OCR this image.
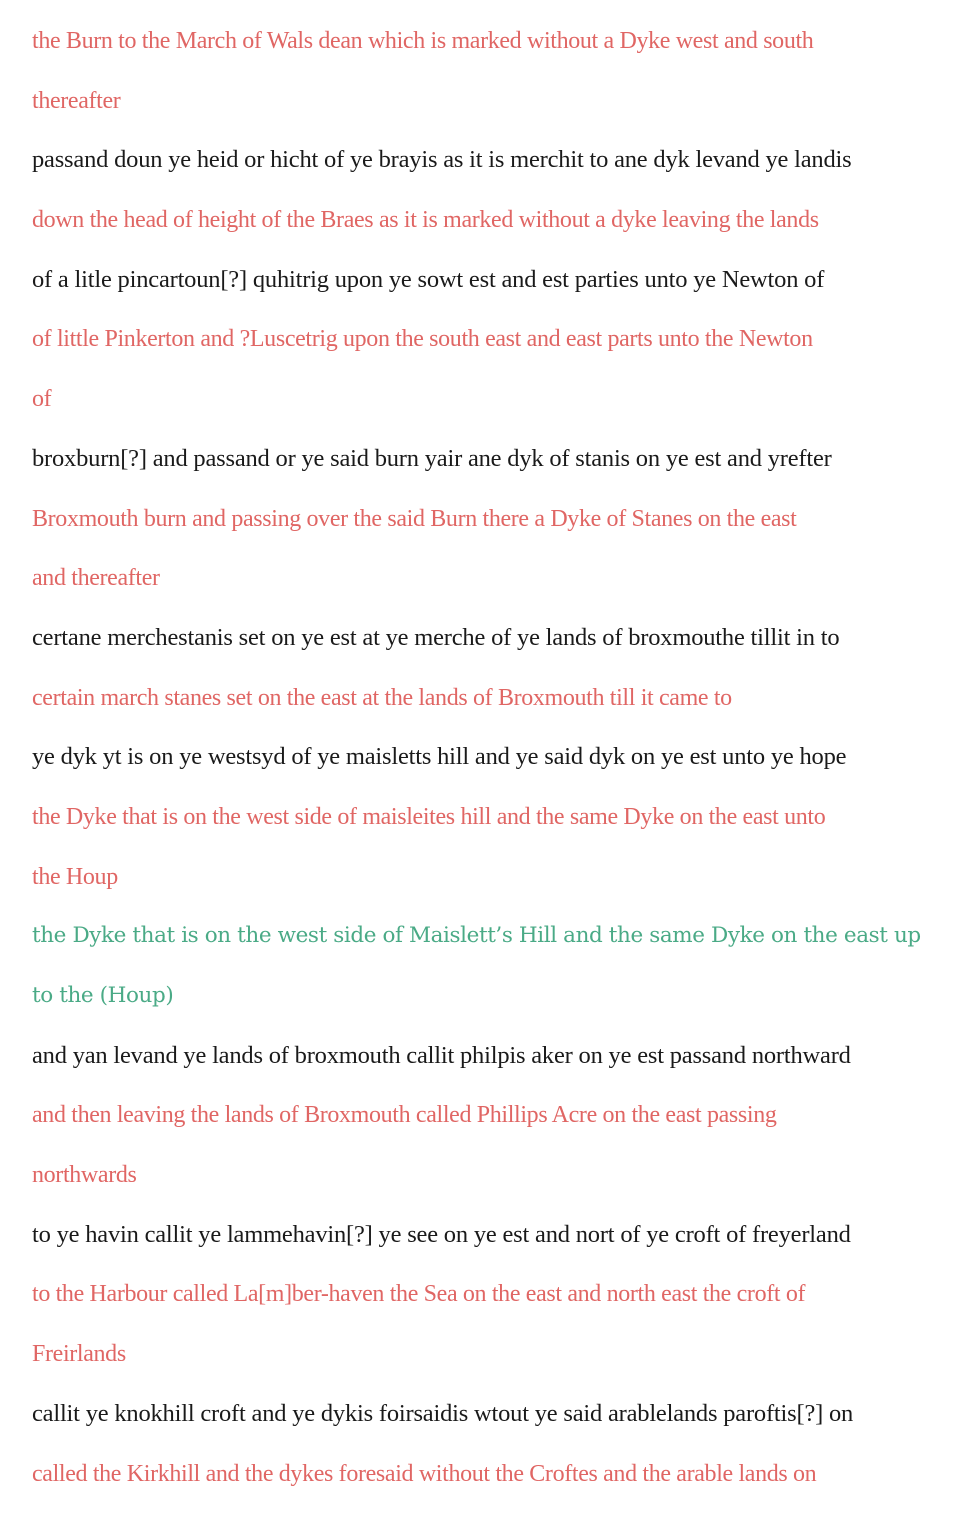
the Burn to the March of Wals dean which is marked without a Dyke west and south
thereafter
passand doun ye heid or hicht of ye brayis as it is merchit to ane dyk levand ye landis
down the head of height of the Braes as it is marked without a dyke leaving the lands
of a litle pincartoun[?] quhitrig upon ye sowt est and est parties unto ye Newton of
of little Pinkerton and ?Luscetrig upon the south east and east parts unto the Newton
of
broxburn[?] and passand or ye said burn yair ane dyk of stanis on ye est and yrefter
Broxmouth burn and passing over the said Burn there a Dyke of Stanes on the east
and thereafter
certane merchestanis set on ye est at ye merche of ye lands of broxmouthe tillit in to
certain march stanes set on the east at the lands of Broxmouth till it came to
ye dyk yt is on ye westsyd of ye maisletts hill and ye said dyk on ye est unto ye hope
the Dyke that is on the west side of maisleites hill and the same Dyke on the east unto
the Houp
the Dyke that is on the west side of Maislett’s Hill and the same Dyke on the east up
to the (Houp)
and yan levand ye lands of broxmouth callit philpis aker on ye est passand northward
and then leaving the lands of Broxmouth called Phillips Acre on the east passing
northwards
to ye havin callit ye lammehavin[?] ye see on ye est and nort of ye croft of freyerland
to the Harbour called La[m]ber-haven the Sea on the east and north east the croft of
Freirlands
callit ye knokhill croft and ye dykis foirsaidis wtout ye said arablelands paroftis[?] on
called the Kirkhill and the dykes foresaid without the Croftes and the arable lands on
